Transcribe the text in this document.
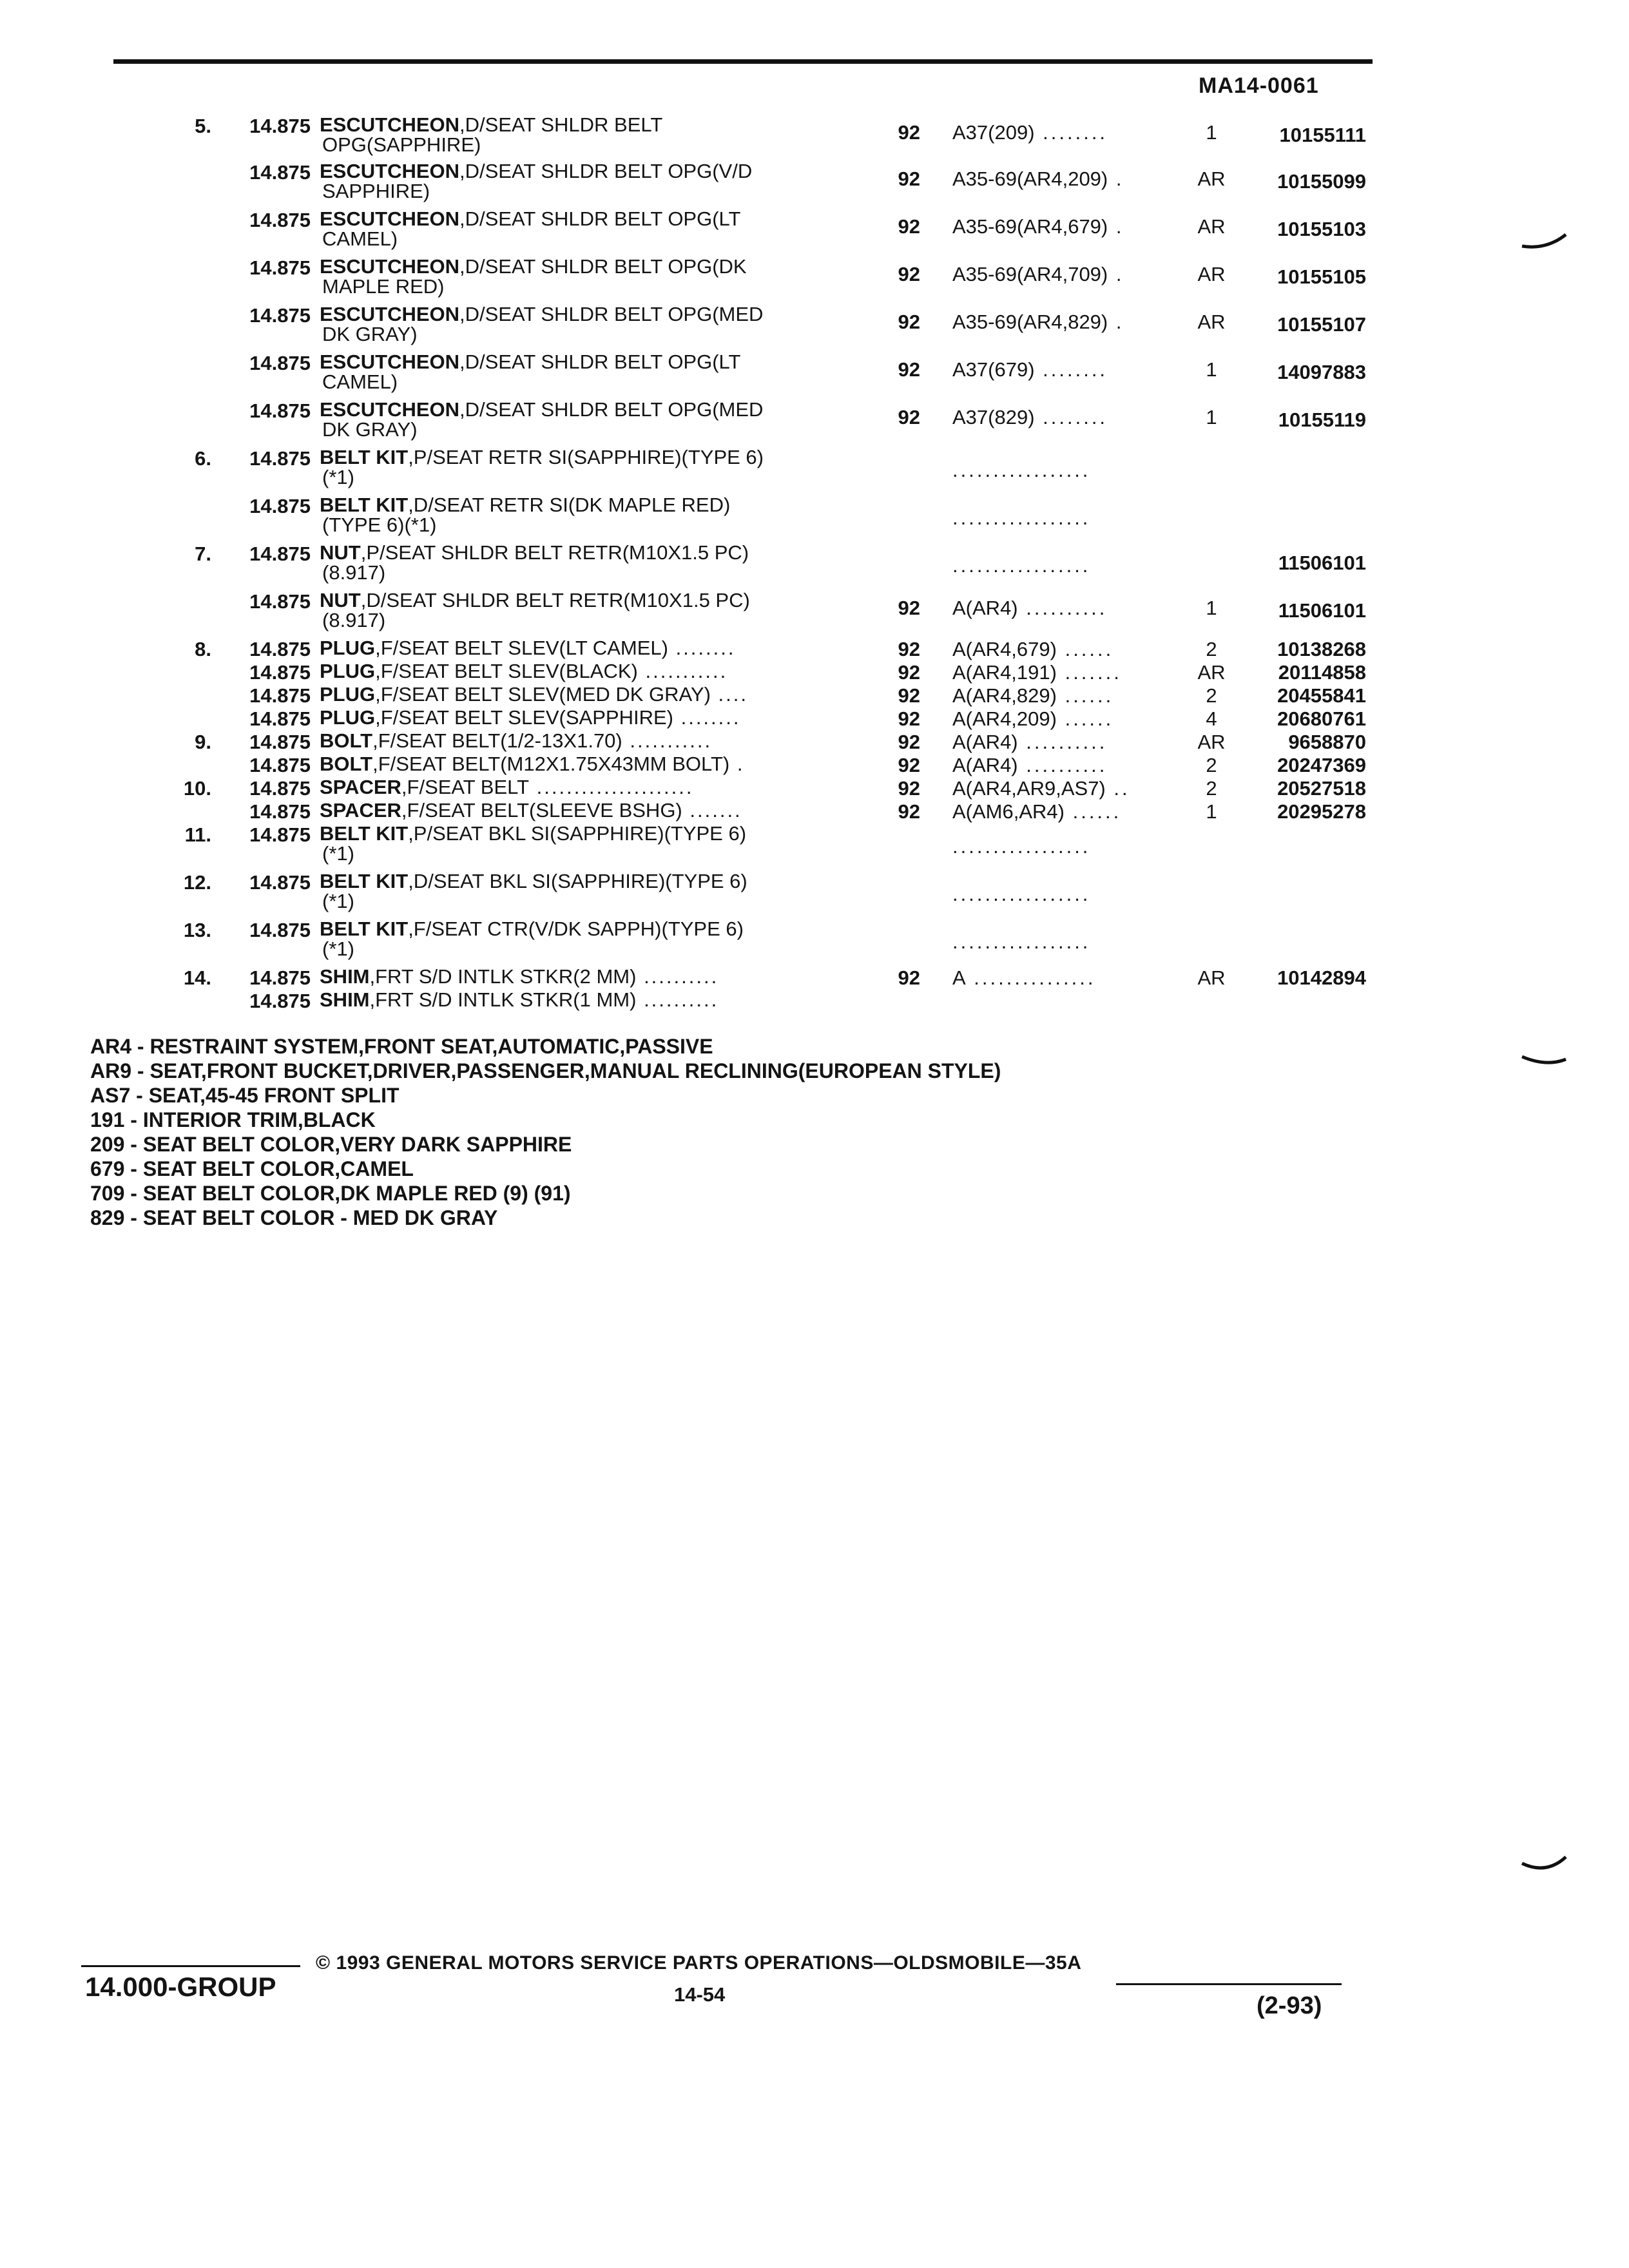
MA14-0061
5.	14.875 ESCUTCHEON,D/SEAT SHLDR BELT
OPG(SAPPHIRE)
92 A37(209) ........	1	10155111
14.875 ESCUTCHEON,D/SEAT SHLDR BELT OPG(V/D
SAPPHIRE)
92 A35-69(AR4,209) .	AR	10155099
14.875 ESCUTCHEON,D/SEAT SHLDR BELT OPG(LT
CAMEL)
92 A35-69(AR4,679) .	AR	10155103
14.875 ESCUTCHEON,D/SEAT SHLDR BELT OPG(DK
MAPLE RED)
92 A35-69(AR4,709) .	AR	10155105
14.875 ESCUTCHEON,D/SEAT SHLDR BELT OPG(MED
DK GRAY)
92 A35-69(AR4,829) .	AR	10155107
14.875 ESCUTCHEON,D/SEAT SHLDR BELT OPG(LT
CAMEL)
92 A37(679) ........	1	14097883
14.875 ESCUTCHEON,D/SEAT SHLDR BELT OPG(MED
DK GRAY)
92 A37(829) ........	1	10155119
6.	14.875 BELT KIT,P/SEAT RETR SI(SAPPHIRE)(TYPE 6)
(*1)	.................
14.875 BELT KIT,D/SEAT RETR SI(DK MAPLE RED)
(TYPE 6)(*1)	.................
7.	14.875 NUT,P/SEAT SHLDR BELT RETR(M10X1.5 PC)
(8.917)	.................	11506101
14.875 NUT,D/SEAT SHLDR BELT RETR(M10X1.5 PC)
(8.917)
92 A(AR4) ..........	1	11506101
8.	14.875 PLUG,F/SEAT BELT SLEV(LT CAMEL) ........	92 A(AR4,679) ......	2	10138268
14.875 PLUG,F/SEAT BELT SLEV(BLACK) ...........	92 A(AR4,191) .......	AR	20114858
14.875 PLUG,F/SEAT BELT SLEV(MED DK GRAY) ....	92 A(AR4,829) ......	2	20455841
14.875 PLUG,F/SEAT BELT SLEV(SAPPHIRE) ........	92 A(AR4,209) ......	4	20680761
9.	14.875 BOLT,F/SEAT BELT(1/2-13X1.70) ...........	92 A(AR4) ..........	AR	9658870
14.875 BOLT,F/SEAT BELT(M12X1.75X43MM BOLT) .	92 A(AR4) ..........	2	20247369
10.	14.875 SPACER,F/SEAT BELT .....................	92 A(AR4,AR9,AS7) ..	2	20527518
14.875 SPACER,F/SEAT BELT(SLEEVE BSHG) .......	92 A(AM6,AR4) ......	1	20295278
11.	14.875 BELT KIT,P/SEAT BKL SI(SAPPHIRE)(TYPE 6)
(*1)	.................
12.	14.875 BELT KIT,D/SEAT BKL SI(SAPPHIRE)(TYPE 6)
(*1)	.................
13.	14.875 BELT KIT,F/SEAT CTR(V/DK SAPPH)(TYPE 6)
(*1)	.................
14.	14.875 SHIM,FRT S/D INTLK STKR(2 MM) ..........	92 A ...............	AR	10142894
14.875 SHIM,FRT S/D INTLK STKR(1 MM) ..........
AR4 - RESTRAINT SYSTEM,FRONT SEAT,AUTOMATIC,PASSIVE
AR9 - SEAT,FRONT BUCKET,DRIVER,PASSENGER,MANUAL RECLINING(EUROPEAN STYLE)
AS7 - SEAT,45-45 FRONT SPLIT
191 - INTERIOR TRIM,BLACK
209 - SEAT BELT COLOR,VERY DARK SAPPHIRE
679 - SEAT BELT COLOR,CAMEL
709 - SEAT BELT COLOR,DK MAPLE RED (9) (91)
829 - SEAT BELT COLOR - MED DK GRAY
14.000-GROUP
© 1993 GENERAL MOTORS SERVICE PARTS OPERATIONS—OLDSMOBILE—35A
14-54	(2-93)
